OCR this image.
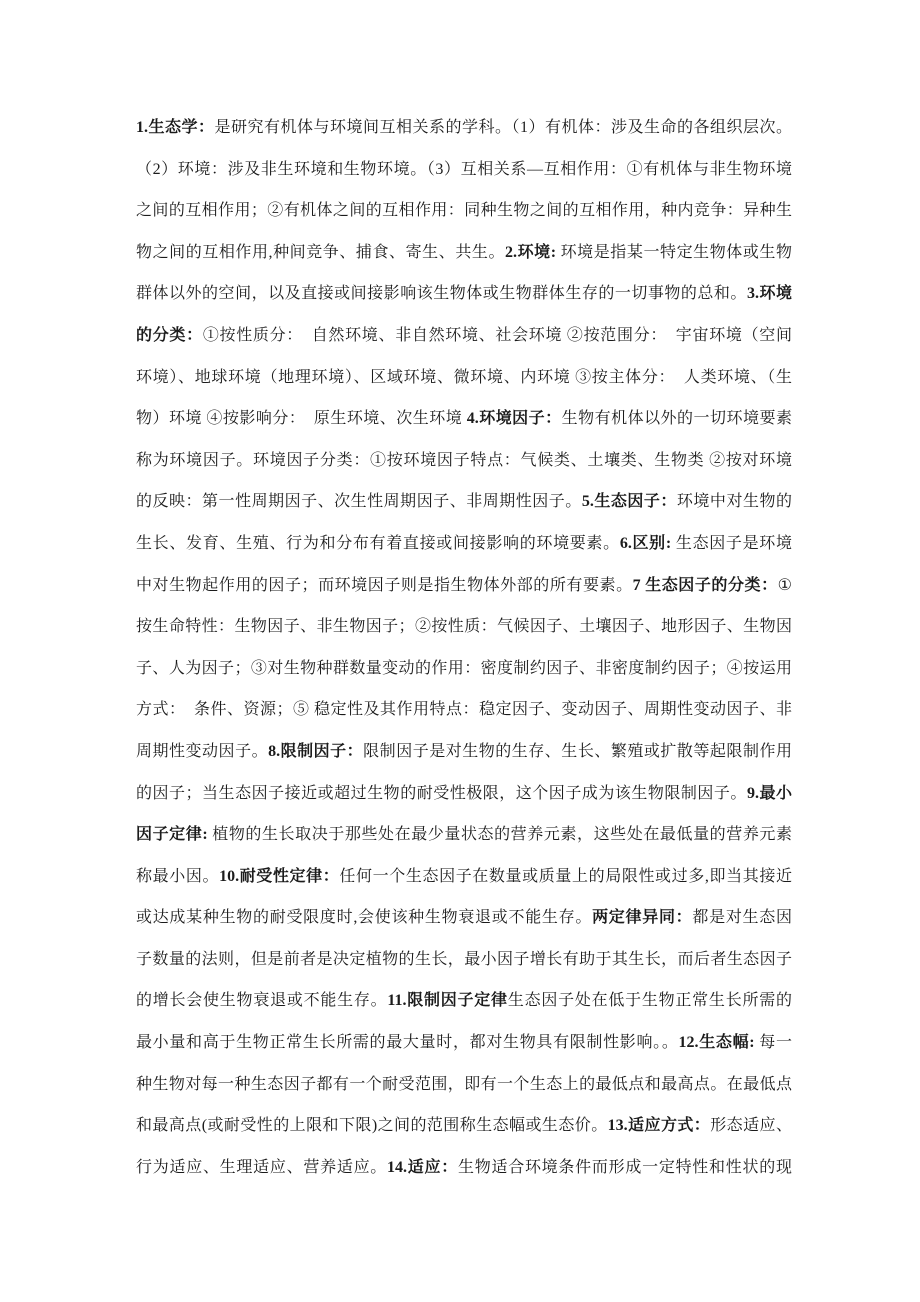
1.生态学：是研究有机体与环境间互相关系的学科。（1）有机体：涉及生命的各组织层次。
（2）环境：涉及非生环境和生物环境。（3）互相关系—互相作用：①有机体与非生物环境
之间的互相作用；②有机体之间的互相作用：同种生物之间的互相作用，种内竞争：异种生
物之间的互相作用,种间竞争、捕食、寄生、共生。2.环境: 环境是指某一特定生物体或生物
群体以外的空间，以及直接或间接影响该生物体或生物群体生存的一切事物的总和。3.环境
的分类：①按性质分：　自然环境、非自然环境、社会环境 ②按范围分：　宇宙环境（空间
环境）、地球环境（地理环境）、区域环境、微环境、内环境 ③按主体分：　人类环境、（生
物）环境 ④按影响分：　原生环境、次生环境 4.环境因子：生物有机体以外的一切环境要素
称为环境因子。环境因子分类：①按环境因子特点：气候类、土壤类、生物类 ②按对环境
的反映：第一性周期因子、次生性周期因子、非周期性因子。5.生态因子：环境中对生物的
生长、发育、生殖、行为和分布有着直接或间接影响的环境要素。6.区别: 生态因子是环境
中对生物起作用的因子；而环境因子则是指生物体外部的所有要素。7 生态因子的分类：①
按生命特性：生物因子、非生物因子；②按性质：气候因子、土壤因子、地形因子、生物因
子、人为因子；③对生物种群数量变动的作用：密度制约因子、非密度制约因子；④按运用
方式：　条件、资源；⑤ 稳定性及其作用特点：稳定因子、变动因子、周期性变动因子、非
周期性变动因子。8.限制因子：限制因子是对生物的生存、生长、繁殖或扩散等起限制作用
的因子；当生态因子接近或超过生物的耐受性极限，这个因子成为该生物限制因子。9.最小
因子定律: 植物的生长取决于那些处在最少量状态的营养元素，这些处在最低量的营养元素
称最小因。10.耐受性定律：任何一个生态因子在数量或质量上的局限性或过多,即当其接近
或达成某种生物的耐受限度时,会使该种生物衰退或不能生存。两定律异同：都是对生态因
子数量的法则，但是前者是决定植物的生长，最小因子增长有助于其生长，而后者生态因子
的增长会使生物衰退或不能生存。11.限制因子定律生态因子处在低于生物正常生长所需的
最小量和高于生物正常生长所需的最大量时，都对生物具有限制性影响。。12.生态幅: 每一
种生物对每一种生态因子都有一个耐受范围，即有一个生态上的最低点和最高点。在最低点
和最高点(或耐受性的上限和下限)之间的范围称生态幅或生态价。13.适应方式：形态适应、
行为适应、生理适应、营养适应。14.适应：生物适合环境条件而形成一定特性和性状的现
